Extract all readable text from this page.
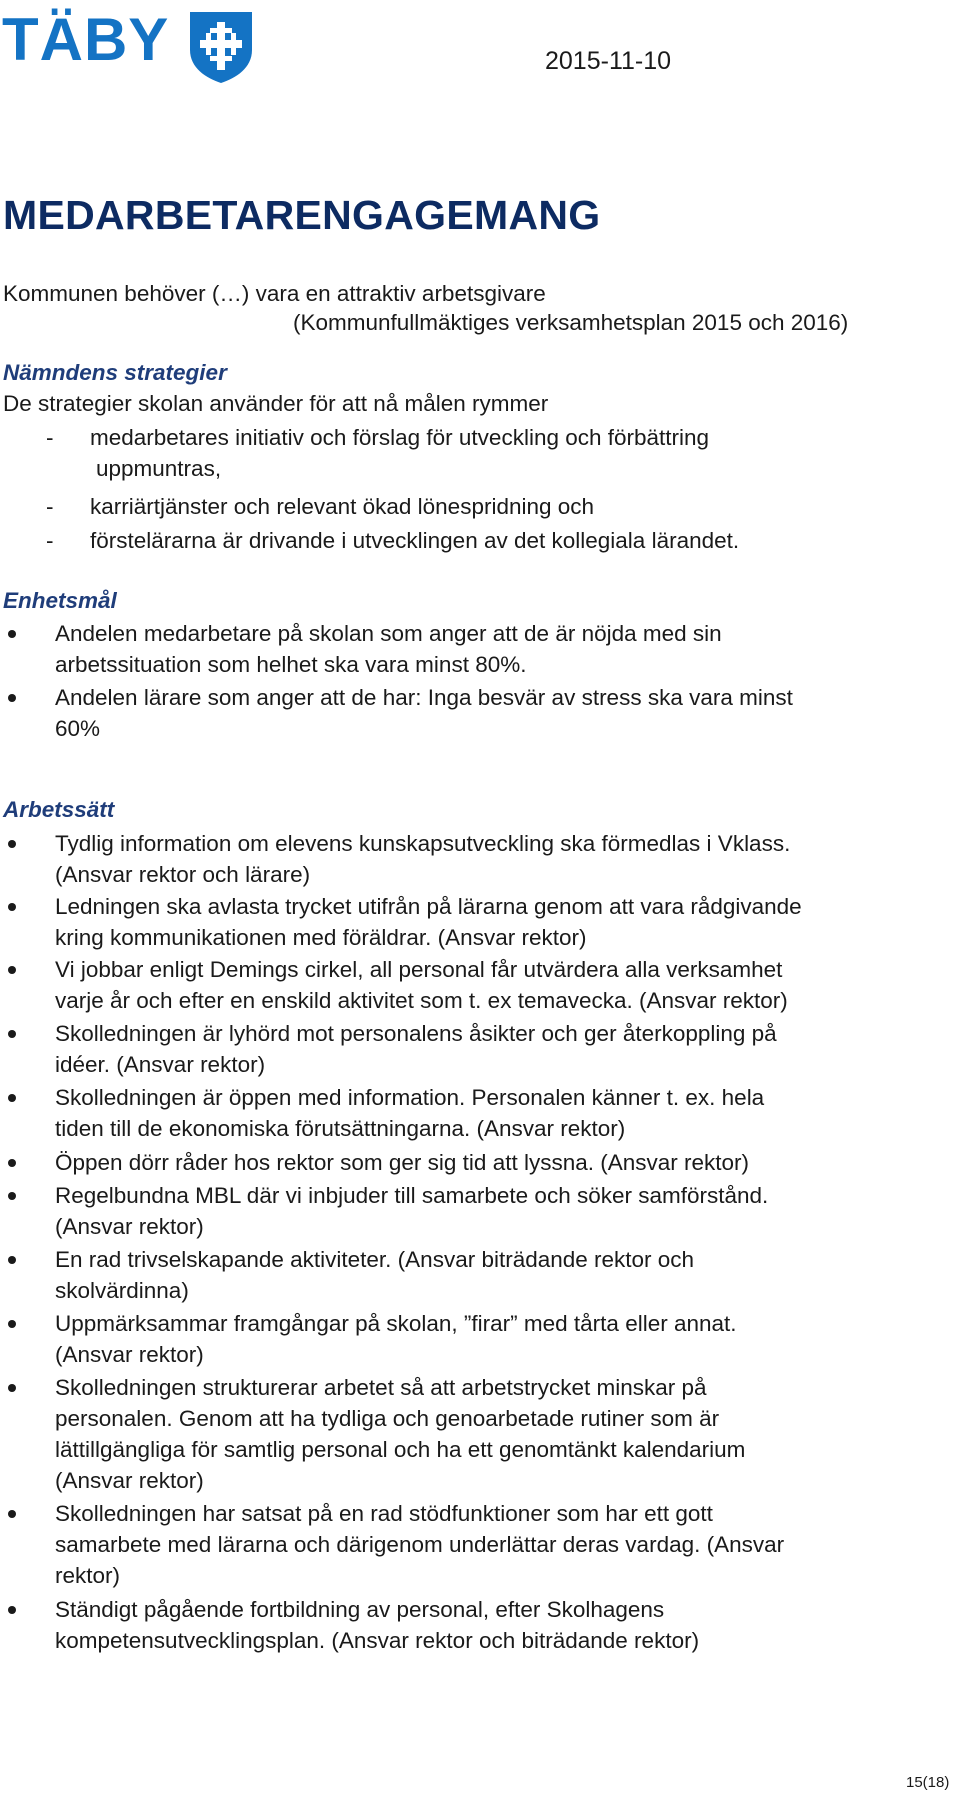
TÄBY	2015-11-10
MEDARBETARENGAGEMANG
Kommunen behöver (…) vara en attraktiv arbetsgivare
(Kommunfullmäktiges verksamhetsplan 2015 och 2016)
Nämndens strategier
De strategier skolan använder för att nå målen rymmer
- medarbetares initiativ och förslag för utveckling och förbättring
uppmuntras,
- karriärtjänster och relevant ökad lönespridning och
- förstelärarna är drivande i utvecklingen av det kollegiala lärandet.
Enhetsmål
Andelen medarbetare på skolan som anger att de är nöjda med sin
arbetssituation som helhet ska vara minst 80%.
Andelen lärare som anger att de har: Inga besvär av stress ska vara minst
60%
Arbetssätt
Tydlig information om elevens kunskapsutveckling ska förmedlas i Vklass.
(Ansvar rektor och lärare)
Ledningen ska avlasta trycket utifrån på lärarna genom att vara rådgivande
kring kommunikationen med föräldrar. (Ansvar rektor)
Vi jobbar enligt Demings cirkel, all personal får utvärdera alla verksamhet
varje år och efter en enskild aktivitet som t. ex temavecka. (Ansvar rektor)
Skolledningen är lyhörd mot personalens åsikter och ger återkoppling på
idéer. (Ansvar rektor)
Skolledningen är öppen med information. Personalen känner t. ex. hela
tiden till de ekonomiska förutsättningarna. (Ansvar rektor)
Öppen dörr råder hos rektor som ger sig tid att lyssna. (Ansvar rektor)
Regelbundna MBL där vi inbjuder till samarbete och söker samförstånd.
(Ansvar rektor)
En rad trivselskapande aktiviteter. (Ansvar biträdande rektor och
skolvärdinna)
Uppmärksammar framgångar på skolan, ”firar” med tårta eller annat.
(Ansvar rektor)
Skolledningen strukturerar arbetet så att arbetstrycket minskar på
personalen. Genom att ha tydliga och genoarbetade rutiner som är
lättillgängliga för samtlig personal och ha ett genomtänkt kalendarium
(Ansvar rektor)
Skolledningen har satsat på en rad stödfunktioner som har ett gott
samarbete med lärarna och därigenom underlättar deras vardag. (Ansvar
rektor)
Ständigt pågående fortbildning av personal, efter Skolhagens
kompetensutvecklingsplan. (Ansvar rektor och biträdande rektor)
15(18)
